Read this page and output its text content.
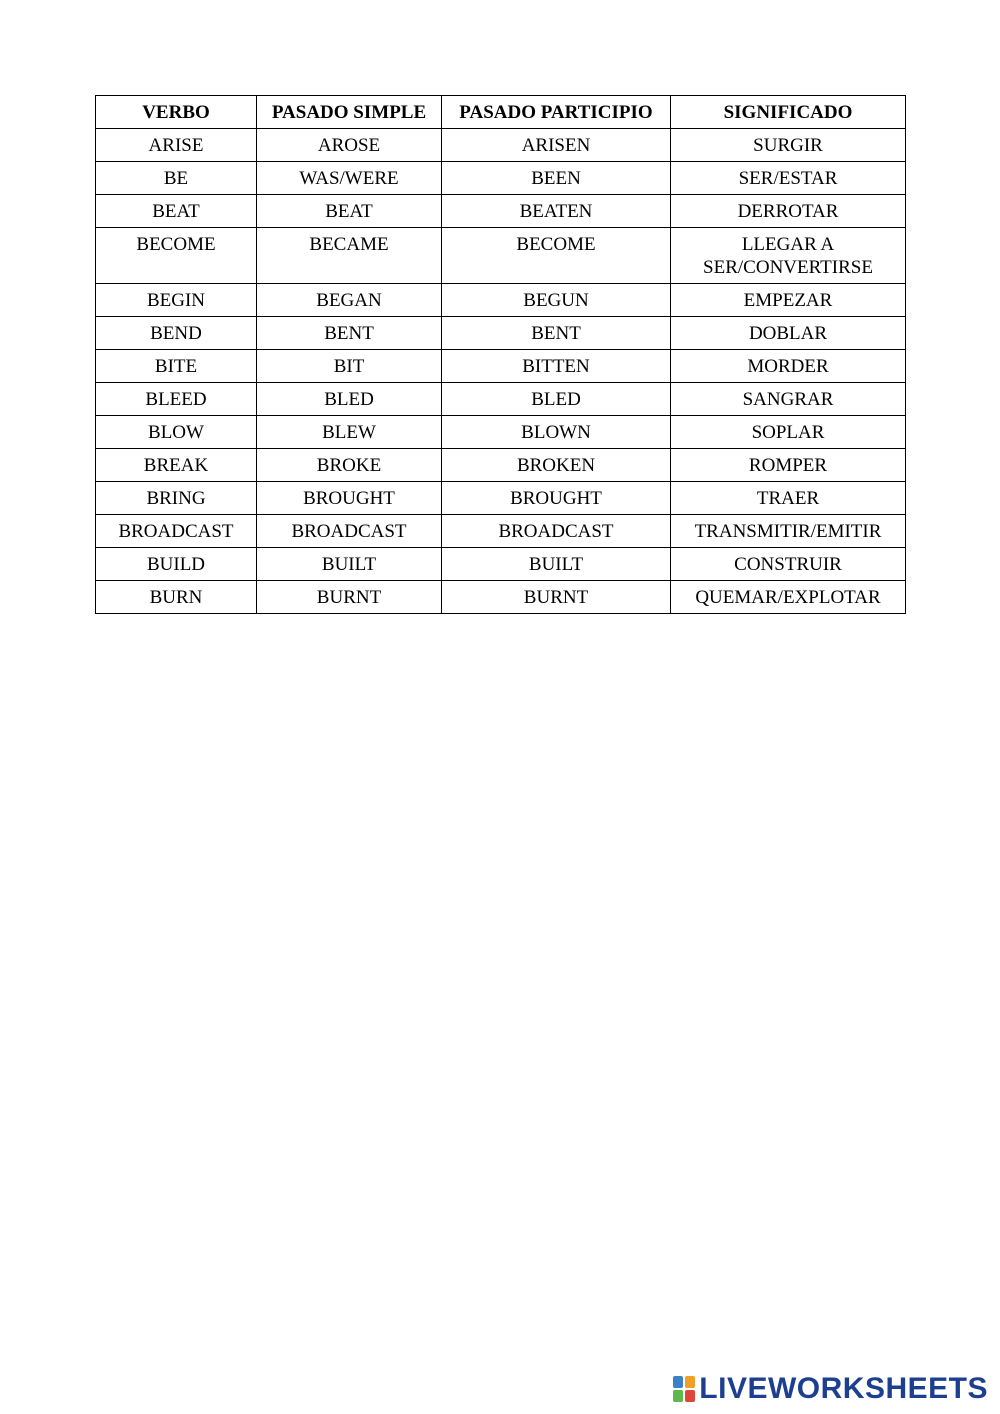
VERBO	PASADO SIMPLE	PASADO PARTICIPIO	SIGNIFICADO
ARISE	AROSE	ARISEN	SURGIR
BE	WAS/WERE	BEEN	SER/ESTAR
BEAT	BEAT	BEATEN	DERROTAR
BECOME	BECAME	BECOME	LLEGAR A SER/CONVERTIRSE
BEGIN	BEGAN	BEGUN	EMPEZAR
BEND	BENT	BENT	DOBLAR
BITE	BIT	BITTEN	MORDER
BLEED	BLED	BLED	SANGRAR
BLOW	BLEW	BLOWN	SOPLAR
BREAK	BROKE	BROKEN	ROMPER
BRING	BROUGHT	BROUGHT	TRAER
BROADCAST	BROADCAST	BROADCAST	TRANSMITIR/EMITIR
BUILD	BUILT	BUILT	CONSTRUIR
BURN	BURNT	BURNT	QUEMAR/EXPLOTAR
LIVEWORKSHEETS
